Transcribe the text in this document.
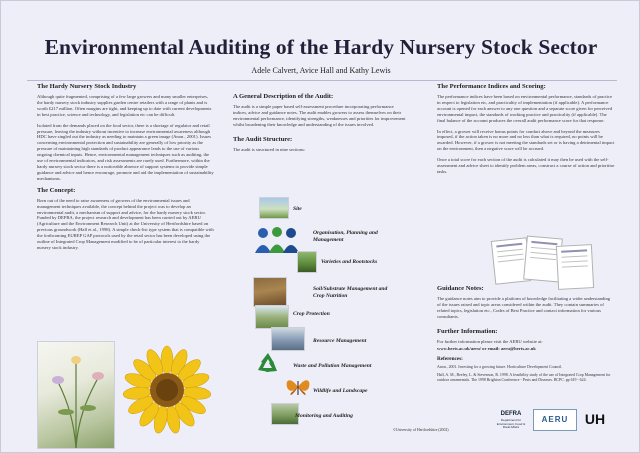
Environmental Auditing of the Hardy Nursery Stock Sector
Adele Calvert, Avice Hall and Kathy Lewis
The Hardy Nursery Stock Industry
Although quite fragmented, comprising of a few large growers and many smaller enterprises, the hardy nursery stock industry supplies garden centre retailers with a range of plants and is worth £217 million. Often margins are tight, and keeping up to date with current developments in best practice, science and technology, and legislation etc can be difficult.
Isolated from the demands placed on the food sector, there is a shortage of regulator and retail pressure, leaving the industry without incentive to increase environmental awareness although HDC have singled out the industry as needing to maintain a green image (Anon., 2001). Issues concerning environmental protection and sustainability are generally of low priority as the pressure of maintaining high standards of product appearance leads to the use of various ongoing chemical inputs. Hence, environmental management techniques such as auditing, the use of environmental indicators, and risk assessments are rarely used. Furthermore, within the hardy nursery stock sector there is a noticeable absence of support systems to provide simple guidance and advice and hence encourage, promote and aid the implementation of sustainability mechanisms.
The Concept:
Born out of the need to raise awareness of growers of the environmental issues and management techniques available, the concept behind the project was to develop an environmental audit, a mechanism of support and advice, for the hardy nursery stock sector. Funded by DEFRA, the project research and development has been carried out by AERU (Agriculture and the Environment Research Unit) at the University of Hertfordshire based on previous groundwork (Hall et al., 1998). A simple check-list type system that is compatible with the forthcoming EUREP GAP protocols used by the retail sector has been developed using the outline of Integrated Crop Management modified to be of particular interest to the hardy nursery stock industry.
A General Description of the Audit:
The audit is a simple paper based self-assessment procedure incorporating performance indices, advice and guidance notes. The audit enables growers to assess themselves on their environmental performance, identifying strengths, weaknesses and priorities for improvement whilst broadening their knowledge and understanding of the issues involved.
The Audit Structure:
The audit is structured in nine sections:
Site
Organisation, Planning and Management
Varieties and Rootstocks
Soil/Substrate Management and Crop Nutrition
Crop Protection
Resource Management
Waste and Pollution Management
Wildlife and Landscape
Monitoring and Auditing
The Performance Indices and Scoring:
The performance indices have been based on environmental performance, standards of practice in respect to legislation etc, and practicality of implementation (if applicable). A performance account is opened for each answer to any one question and a separate score given for perceived environmental impact, the standards of working practice and practicality (if applicable). The final balance of the account produces the overall audit performance score for that response.
In effect, a grower will receive bonus points for conduct above and beyond the measures imposed, if the action taken is no more and no less than what is required, no points will be awarded. However, if a grower is not meeting the standards set or is having a detrimental impact on the environment, then a negative score will be accrued.
Once a total score for each section of the audit is calculated it may then be used with the self-assessment and advice sheet to identify problem areas, construct a course of action and prioritise tasks.
Guidance Notes:
The guidance notes aim to provide a platform of knowledge facilitating a wider understanding of the issues raised and topic areas considered within the audit. They contain summaries of related topics, legislation etc., Codes of Best Practice and contact information for various consultants.
Further Information:
For further information please visit the AERU website at:
www.herts.ac.uk/aeru/ or email: aeru@herts.ac.uk
References:
Anon., 2001. Investing for a growing future. Horticulture Development Council.
Hall, A. M., Beeley, L. & Stevenson, R. 1998. A feasibility study of the use of Integrated Crop Management for outdoor ornamentals. The 1998 Brighton Conference - Pests and Diseases. BCPC. pp 619 - 624.
DEFRA
Department for Environment, Food & Rural Affairs
AERU	UH
©University of Hertfordshire (2002)
